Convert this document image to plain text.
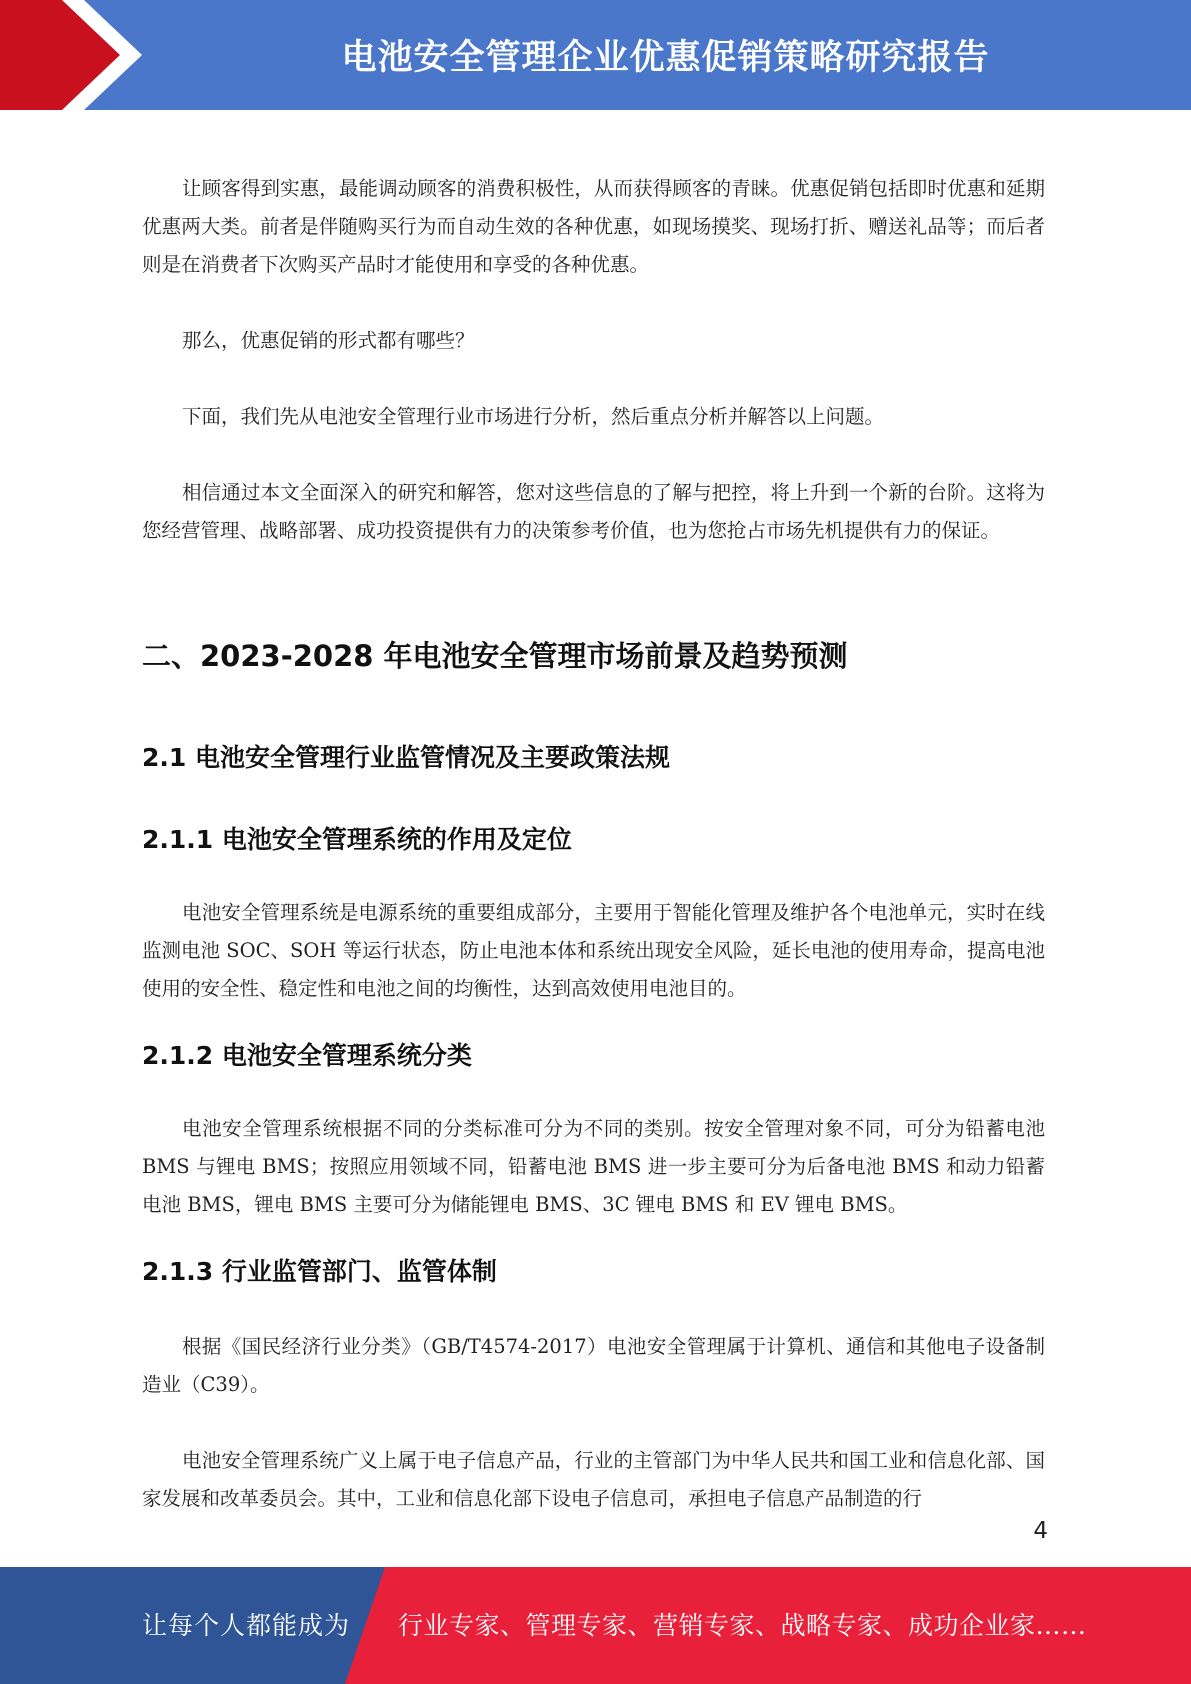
电池安全管理企业优惠促销策略研究报告

让顾客得到实惠，最能调动顾客的消费积极性，从而获得顾客的青睐。优惠促销包括即时优惠和延期优惠两大类。前者是伴随购买行为而自动生效的各种优惠，如现场摸奖、现场打折、赠送礼品等；而后者则是在消费者下次购买产品时才能使用和享受的各种优惠。

那么，优惠促销的形式都有哪些？

下面，我们先从电池安全管理行业市场进行分析，然后重点分析并解答以上问题。

相信通过本文全面深入的研究和解答，您对这些信息的了解与把控，将上升到一个新的台阶。这将为您经营管理、战略部署、成功投资提供有力的决策参考价值，也为您抢占市场先机提供有力的保证。

二、2023-2028 年电池安全管理市场前景及趋势预测
2.1 电池安全管理行业监管情况及主要政策法规
2.1.1 电池安全管理系统的作用及定位

电池安全管理系统是电源系统的重要组成部分，主要用于智能化管理及维护各个电池单元，实时在线监测电池 SOC、SOH 等运行状态，防止电池本体和系统出现安全风险，延长电池的使用寿命，提高电池使用的安全性、稳定性和电池之间的均衡性，达到高效使用电池目的。

2.1.2 电池安全管理系统分类

电池安全管理系统根据不同的分类标准可分为不同的类别。按安全管理对象不同，可分为铅蓄电池 BMS 与锂电 BMS；按照应用领域不同，铅蓄电池 BMS 进一步主要可分为后备电池 BMS 和动力铅蓄电池 BMS，锂电 BMS 主要可分为储能锂电 BMS、3C 锂电 BMS 和 EV 锂电 BMS。

2.1.3 行业监管部门、监管体制

根据《国民经济行业分类》（GB/T4574-2017）电池安全管理属于计算机、通信和其他电子设备制造业（C39）。

电池安全管理系统广义上属于电子信息产品，行业的主管部门为中华人民共和国工业和信息化部、国家发展和改革委员会。其中，工业和信息化部下设电子信息司，承担电子信息产品制造的行

4
让每个人都能成为 行业专家、管理专家、营销专家、战略专家、成功企业家……
